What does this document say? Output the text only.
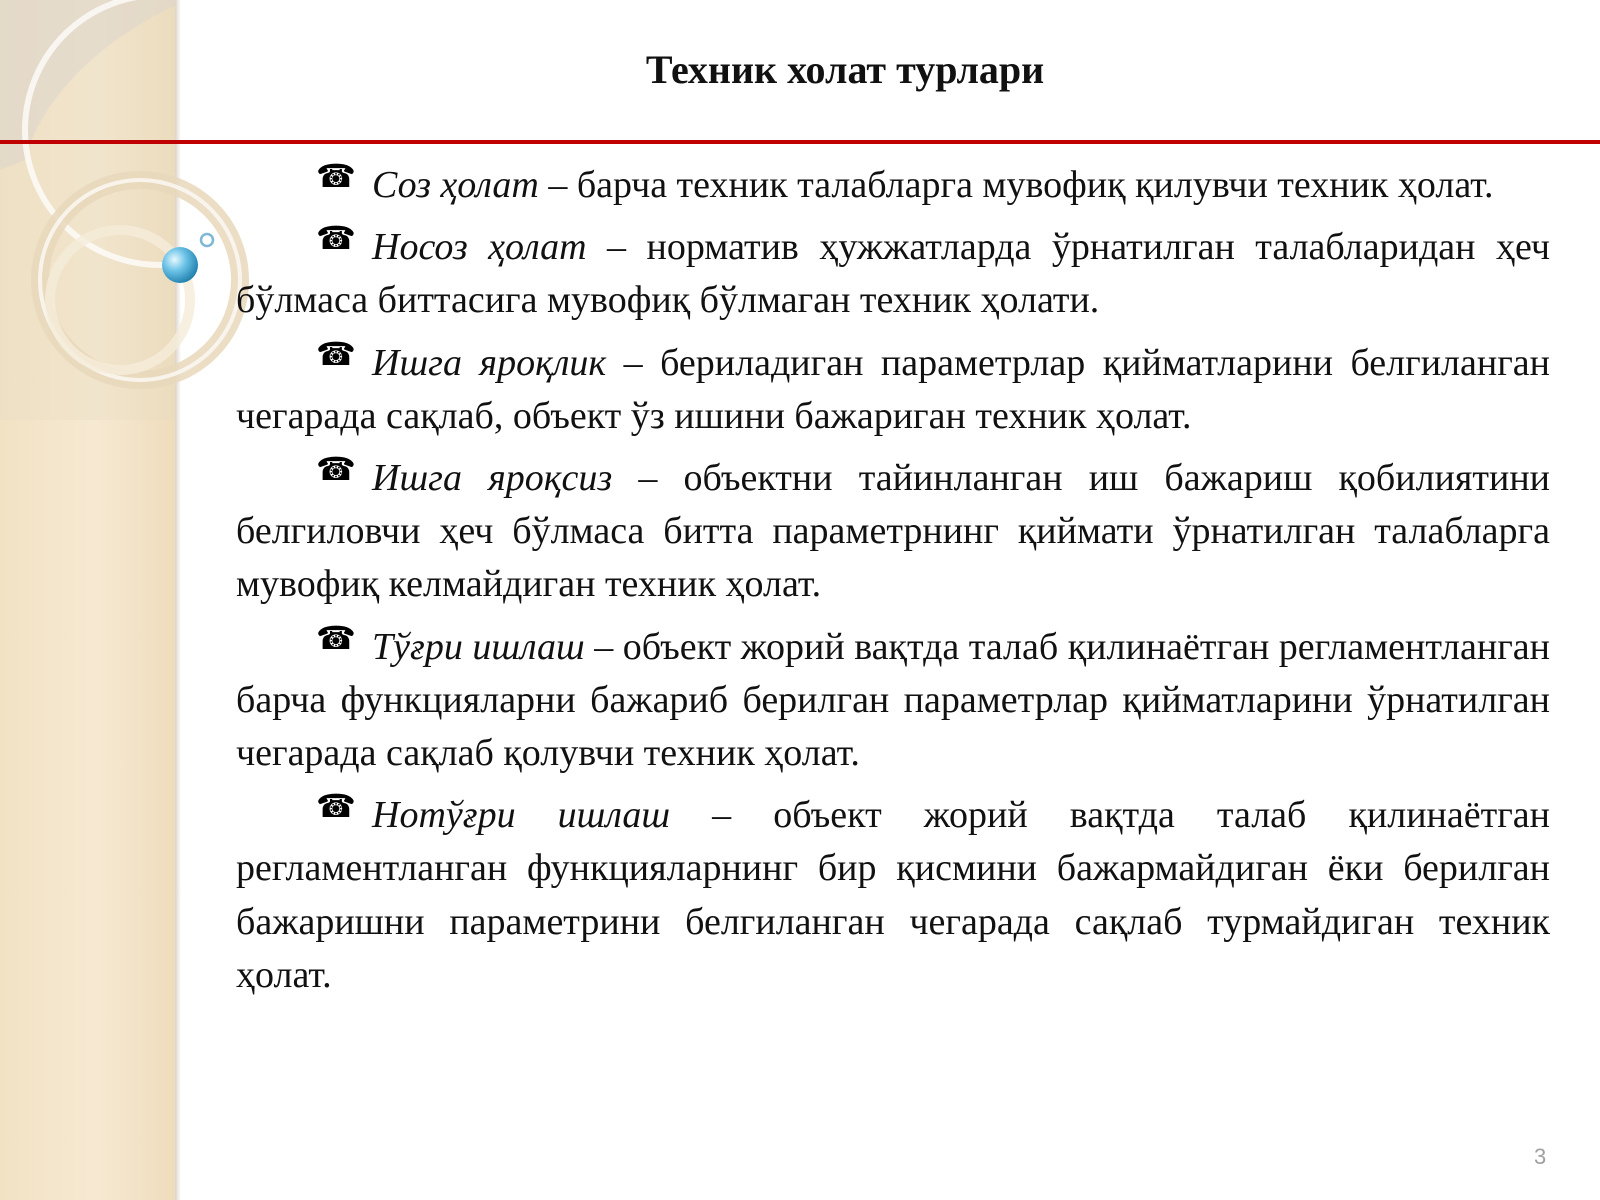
Техник холат турлари

☎ Соз ҳолат – барча техник талабларга мувофиқ қилувчи техник ҳолат.

☎ Носоз ҳолат – норматив ҳужжатларда ўрнатилган талабларидан ҳеч бўлмаса биттасига мувофиқ бўлмаган техник ҳолати.

☎ Ишга яроқлик – бериладиган параметрлар қийматларини белгиланган чегарада сақлаб, объект ўз ишини бажариган техник ҳолат.

☎ Ишга яроқсиз – объектни тайинланган иш бажариш қобилиятини белгиловчи ҳеч бўлмаса битта параметрнинг қиймати ўрнатилган талабларга мувофиқ келмайдиган техник ҳолат.

☎ Тўғри ишлаш – объект жорий вақтда талаб қилинаётган регламентланган барча функцияларни бажариб берилган параметрлар қийматларини ўрнатилган чегарада сақлаб қолувчи техник ҳолат.

☎ Нотўғри ишлаш – объект жорий вақтда талаб қилинаётган регламентланган функцияларнинг бир қисмини бажармайдиган ёки берилган бажаришни параметрини белгиланган чегарада сақлаб турмайдиган техник ҳолат.

3
